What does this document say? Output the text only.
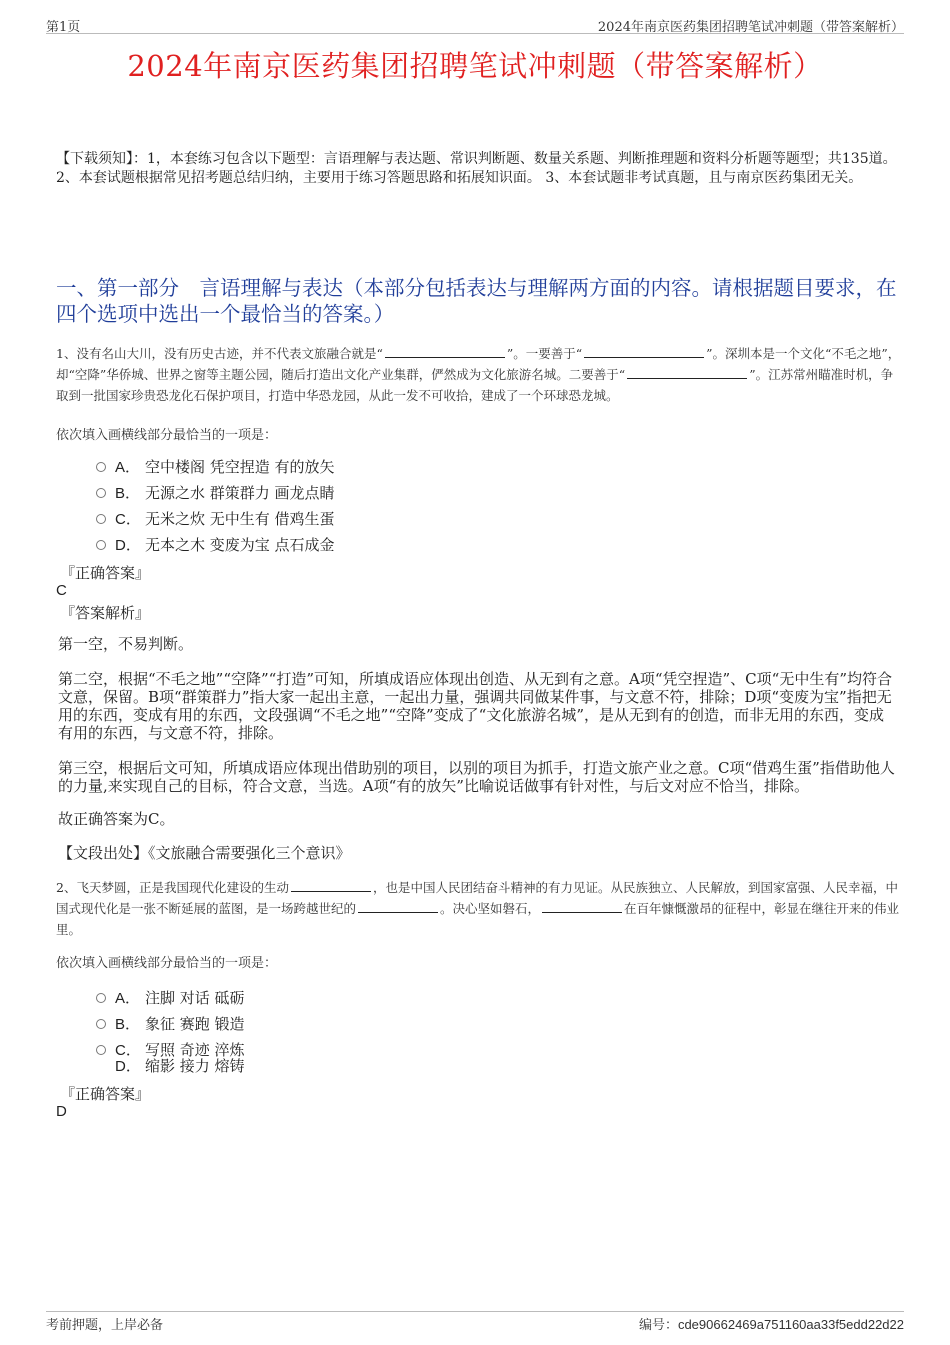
第1页	2024年南京医药集团招聘笔试冲刺题（带答案解析）
2024年南京医药集团招聘笔试冲刺题（带答案解析）
【下载须知】：1，本套练习包含以下题型：言语理解与表达题、常识判断题、数量关系题、判断推理题和资料分析题等题型；共135道。 2、本套试题根据常见招考题总结归纳，主要用于练习答题思路和拓展知识面。 3、本套试题非考试真题，且与南京医药集团无关。
一、第一部分　言语理解与表达（本部分包括表达与理解两方面的内容。请根据题目要求，在四个选项中选出一个最恰当的答案。）
1、没有名山大川，没有历史古迹，并不代表文旅融合就是“	”。一要善于“	”。深圳本是一个文化“不毛之地”，却“空降”华侨城、世界之窗等主题公园，随后打造出文化产业集群，俨然成为文化旅游名城。二要善于“	”。江苏常州瞄准时机，争取到一批国家珍贵恐龙化石保护项目，打造中华恐龙园，从此一发不可收拾，建成了一个环球恐龙城。
依次填入画横线部分最恰当的一项是：
A． 空中楼阁 凭空捏造 有的放矢
B． 无源之水 群策群力 画龙点睛
C． 无米之炊 无中生有 借鸡生蛋
D． 无本之木 变废为宝 点石成金
『正确答案』
C
『答案解析』
第一空，不易判断。
第二空，根据“不毛之地”“空降”“打造”可知，所填成语应体现出创造、从无到有之意。A项“凭空捏造”、C项“无中生有”均符合文意，保留。B项“群策群力”指大家一起出主意，一起出力量，强调共同做某件事，与文意不符，排除；D项“变废为宝”指把无用的东西，变成有用的东西，文段强调“不毛之地”“空降”变成了“文化旅游名城”，是从无到有的创造，而非无用的东西，变成有用的东西，与文意不符，排除。
第三空，根据后文可知，所填成语应体现出借助别的项目，以别的项目为抓手，打造文旅产业之意。C项“借鸡生蛋”指借助他人的力量,来实现自己的目标，符合文意，当选。A项“有的放矢”比喻说话做事有针对性，与后文对应不恰当，排除。
故正确答案为C。
【文段出处】《文旅融合需要强化三个意识》
2、飞天梦圆，正是我国现代化建设的生动	，也是中国人民团结奋斗精神的有力见证。从民族独立、人民解放，到国家富强、人民幸福，中国式现代化是一张不断延展的蓝图，是一场跨越世纪的	。决心坚如磐石，	在百年慷慨激昂的征程中，彰显在继往开来的伟业里。
依次填入画横线部分最恰当的一项是：
A． 注脚 对话 砥砺
B． 象征 赛跑 锻造
C． 写照 奇迹 淬炼
D． 缩影 接力 熔铸
『正确答案』
D
考前押题，上岸必备	编号：cde90662469a751160aa33f5edd22d22
